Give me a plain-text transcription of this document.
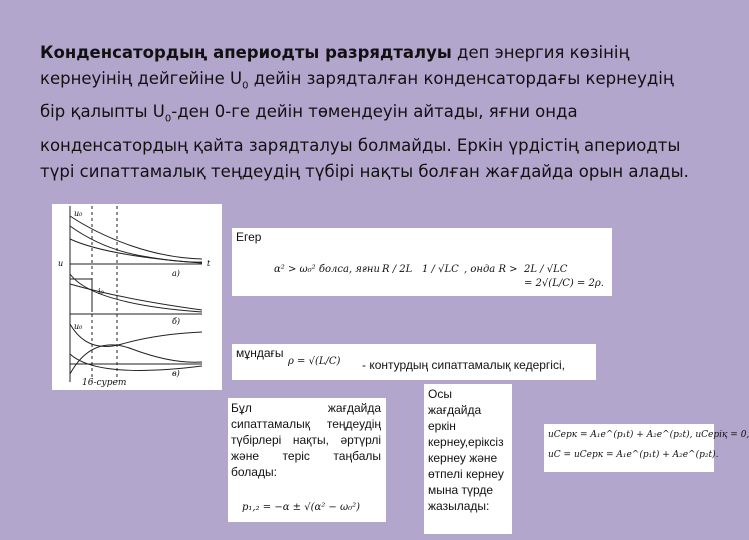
Конденсатордың апериодты разрядталуы деп энергия көзінің кернеуінің дейгейіне $U_0$ дейін зарядталған конденсатордағы кернеудің бір қалыпты $U_0$-ден 0-ге дейін төмендеуін айтады, яғни онда конденсатордың қайта зарядталуы болмайды. Еркін үрдістің апериодты түрі сипаттамалық теңдеудің түбірі нақты болған жағдайда орын алады.

u₀
u
i₀
u₀
a)
б)
в)
t
16-сурет
Егер
α² > ω₀² болса, яғни R / 2L 1 / √LC , онда R > 2L / √LC
= 2√(L/C) = 2ρ.
мұндағы
ρ = √(L/C) - контурдың сипаттамалық кедергісі,
Бұл жағдайда сипаттамалық теңдеудің түбірлері нақты, әртүрлі және теріс таңбалы болады:
p₁,₂ = −α ± √(α² − ω₀²)
Осы жағдайда еркін кернеу,еріксіз кернеу және өтпелі кернеу мына түрде жазылады:
uCерк = A₁e^(p₁t) + A₂e^(p₂t), uCеріқ = 0,
uC = uCерк = A₁e^(p₁t) + A₂e^(p₂t).
